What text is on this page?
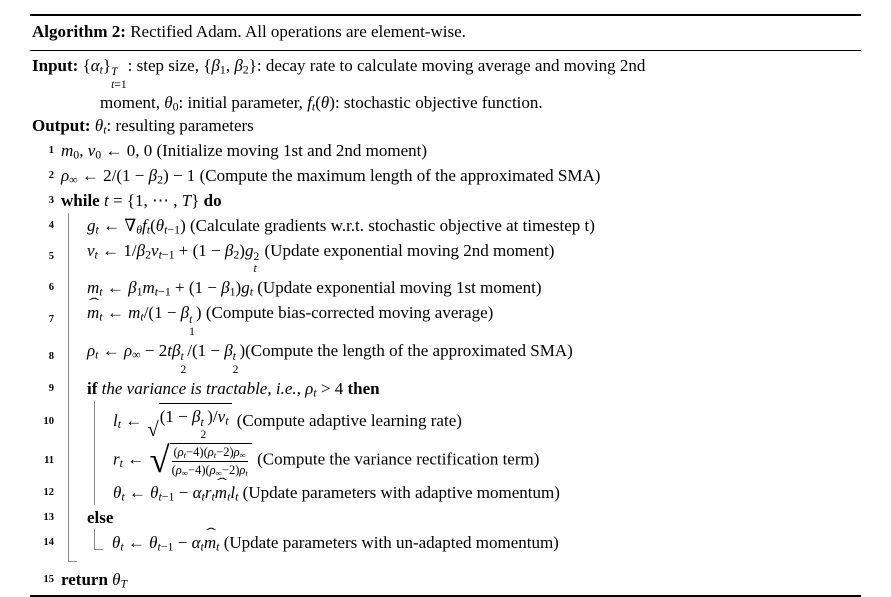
Algorithm 2: Rectified Adam. All operations are element-wise.
Input: $\{\alpha_t\}$ T
t=1
: step size, {$\beta_1$, $\beta_2$}: decay rate to calculate moving average and moving 2nd
moment, $\theta_0$: initial parameter, $f_t(\theta)$: stochastic objective function.
Output: $\theta_t$: resulting parameters
1 $m_0$, $v_0$ ← 0, 0 (Initialize moving 1st and 2nd moment)
2 $\rho_\infty$ ← $2/(1 - \beta_2) - 1$ (Compute the maximum length of the approximated SMA)
3 while t = {1, ⋯ , T} do
4	$g_t$ ← $\nabla_\theta f_t(\theta_{t-1})$ (Calculate gradients w.r.t. stochastic objective at timestep t)
5	$v_t$ ← $1/\beta_2v_{t-1} + (1 - \beta_2)g$ 2
t
(Update exponential moving 2nd moment)
6	$m_t$ ← $\beta_1m_{t-1} + (1 - \beta_1)g_t$ (Update exponential moving 1st moment)
7	m ˆ$_t$ ← $m_t/(1 - \beta$ t
1
) (Compute bias-corrected moving average)
8	$\rho_t$ ← $\rho_\infty - 2t\beta$ t
2
/(1 − β t
2
)(Compute the length of the approximated SMA)
9	if the variance is tractable, i.e., $\rho_t > 4$ then
10	$l_t$ ← √
(1 − β t
2
)$/v_t$ (Compute adaptive learning rate)
11	$r_t$ ← √ $\frac{(\rho_t-4)(\rho_t-2)\rho_\infty}{(\rho_\infty-4)(\rho_\infty-2)\rho_t}$ (Compute the variance rectification term)
12	$\theta_t$ ← $\theta_{t-1} - \alpha_tr_tm$ $ˆ_tl_t$ (Update parameters with adaptive momentum)
13	else
14	$\theta_t$ ← $\theta_{t-1} - \alpha_tm$ ˆ$_t$ (Update parameters with un-adapted momentum)
15 return $\theta_T$
